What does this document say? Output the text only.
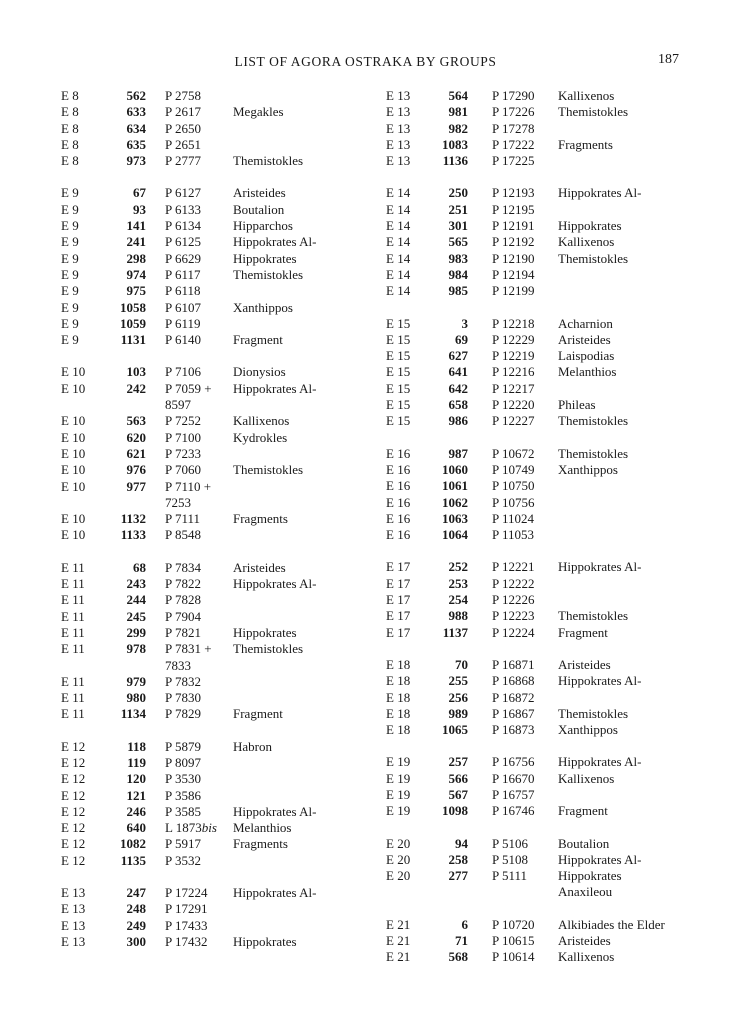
LIST OF AGORA OSTRAKA BY GROUPS	187
E 8	562 P 2758
E 8	633 P 2617 Megakles
E 8	634 P 2650
E 8	635 P 2651
E 8	973 P 2777 Themistokles
E 9	67 P 6127 Aristeides
E 9	93 P 6133 Boutalion
E 9	141 P 6134 Hipparchos
E 9	241 P 6125 Hippokrates Al-
E 9	298 P 6629 Hippokrates
E 9	974 P 6117 Themistokles
E 9	975 P 6118
E 9	1058 P 6107 Xanthippos
E 9	1059 P 6119
E 9	1131 P 6140 Fragment
E 10	103 P 7106 Dionysios
E 10	242 P 7059 + Hippokrates Al-
8597
E 10	563 P 7252 Kallixenos
E 10	620 P 7100 Kydrokles
E 10	621 P 7233
E 10	976 P 7060 Themistokles
E 10	977 P 7110 +
7253
E 10	1132 P 7111	Fragments
E 10	1133 P 8548
E 11	68 P 7834 Aristeides
E 11	243 P 7822 Hippokrates Al-
E 11	244 P 7828
E 11	245 P 7904
E 11	299 P 7821 Hippokrates
E 11	978 P 7831 + Themistokles
7833
E 11	979 P 7832
E 11	980 P 7830
E 11	1134 P 7829 Fragment
E 12	118 P 5879 Habron
E 12	119 P 8097
E 12	120 P 3530
E 12	121 P 3586
E 12	246 P 3585 Hippokrates Al-
E 12	640 L 1873bis Melanthios
E 12	1082 P 5917 Fragments
E 12	1135 P 3532
E 13	247 P 17224 Hippokrates Al-
E 13	248 P 17291
E 13	249 P 17433
E 13	300 P 17432 Hippokrates
E 13	564 P 17290 Kallixenos
E 13	981 P 17226 Themistokles
E 13	982 P 17278
E 13	1083 P 17222 Fragments
E 13	1136 P 17225
E 14	250 P 12193 Hippokrates Al-
E 14	251 P 12195
E 14	301 P 12191 Hippokrates
E 14	565 P 12192 Kallixenos
E 14	983 P 12190 Themistokles
E 14	984 P 12194
E 14	985 P 12199
E 15	3 P 12218 Acharnion
E 15	69 P 12229 Aristeides
E 15	627 P 12219 Laispodias
E 15	641 P 12216 Melanthios
E 15	642 P 12217
E 15	658 P 12220 Phileas
E 15	986 P 12227 Themistokles
E 16	987 P 10672 Themistokles
E 16	1060 P 10749 Xanthippos
E 16	1061 P 10750
E 16	1062 P 10756
E 16	1063 P 11024
E 16	1064 P 11053
E 17	252 P 12221 Hippokrates Al-
E 17	253 P 12222
E 17	254 P 12226
E 17	988 P 12223 Themistokles
E 17	1137 P 12224 Fragment
E 18	70 P 16871 Aristeides
E 18	255 P 16868 Hippokrates Al-
E 18	256 P 16872
E 18	989 P 16867 Themistokles
E 18	1065 P 16873 Xanthippos
E 19	257 P 16756 Hippokrates Al-
E 19	566 P 16670 Kallixenos
E 19	567 P 16757
E 19	1098 P 16746 Fragment
E 20	94 P 5106 Boutalion
E 20	258 P 5108 Hippokrates Al-
E 20	277 P 5111 Hippokrates
Anaxileou
E 21	6 P 10720 Alkibiades the Elder
E 21	71 P 10615 Aristeides
E 21	568 P 10614 Kallixenos
